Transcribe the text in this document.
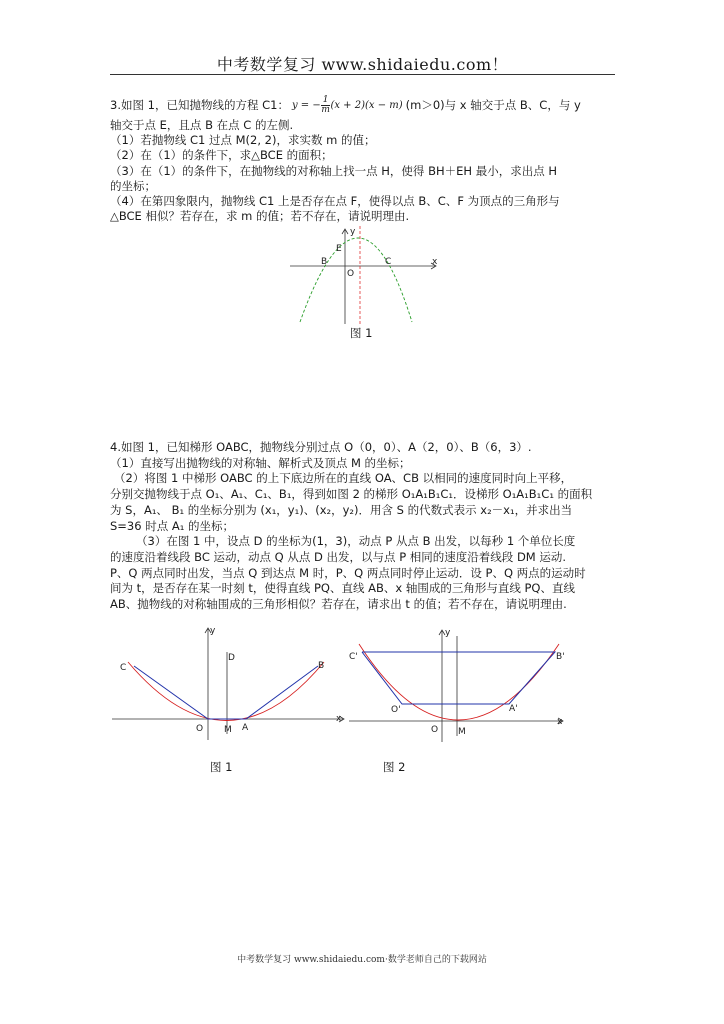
中考数学复习 www.shidaiedu.com！
3.如图 1，已知抛物线的方程 C1： y = − $\frac{1}{m} (x + 2)(x - m)$ (m＞0)与 x 轴交于点 B、C，与 y
轴交于点 E，且点 B 在点 C 的左侧.
（1）若抛物线 C1 过点 M(2, 2)，求实数 m 的值；
（2）在（1）的条件下，求△BCE 的面积；
（3）在（1）的条件下，在抛物线的对称轴上找一点 H，使得 BH＋EH 最小，求出点 H
的坐标；
（4）在第四象限内，抛物线 C1 上是否存在点 F，使得以点 B、C、F 为顶点的三角形与
△BCE 相似？若存在，求 m 的值；若不存在，请说明理由.
y
x
E
B
O
C
图 1
4.如图 1，已知梯形 OABC，抛物线分别过点 O（0，0）、A（2，0）、B（6，3）.
（1）直接写出抛物线的对称轴、解析式及顶点 M 的坐标；
（2）将图 1 中梯形 OABC 的上下底边所在的直线 OA、CB 以相同的速度同时向上平移，
分别交抛物线于点 O₁、A₁、C₁、B₁，得到如图 2 的梯形 O₁A₁B₁C₁．设梯形 O₁A₁B₁C₁ 的面积
为 S，A₁、 B₁ 的坐标分别为 (x₁，y₁)、(x₂，y₂)．用含 S 的代数式表示 x₂－x₁，并求出当
S=36 时点 A₁ 的坐标；
（3）在图 1 中，设点 D 的坐标为(1，3)，动点 P 从点 B 出发，以每秒 1 个单位长度
的速度沿着线段 BC 运动，动点 Q 从点 D 出发，以与点 P 相同的速度沿着线段 DM 运动.
P、Q 两点同时出发，当点 Q 到达点 M 时，P、Q 两点同时停止运动．设 P、Q 两点的运动时
间为 t，是否存在某一时刻 t，使得直线 PQ、直线 AB、x 轴围成的三角形与直线 PQ、直线
AB、抛物线的对称轴围成的三角形相似？若存在，请求出 t 的值；若不存在，请说明理由.
y
x
C
D
B
O M A
图 1
y
x
C'	B'
O'	A'
O M
图 2
中考数学复习 www.shidaiedu.com·数学老师自己的下载网站
